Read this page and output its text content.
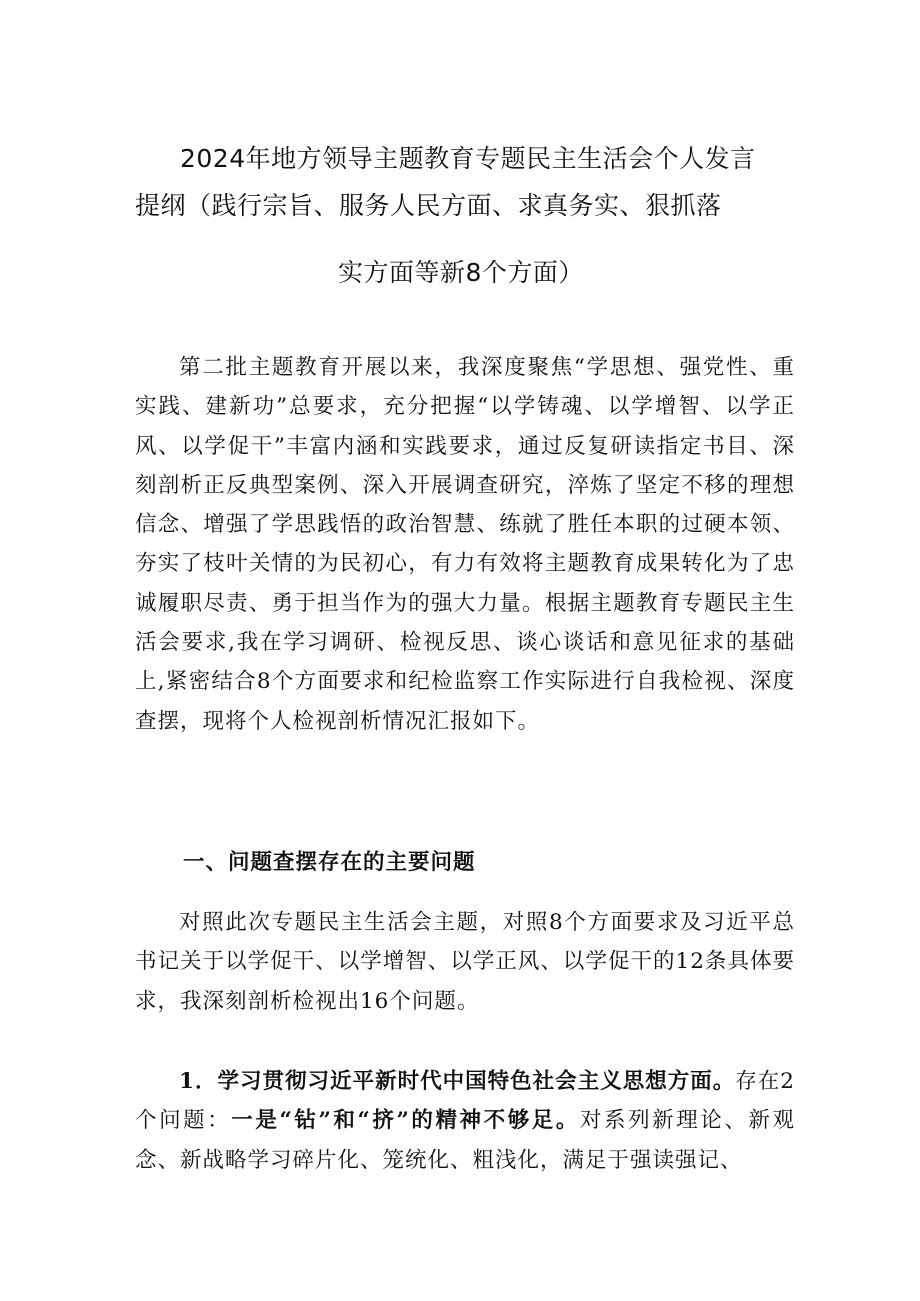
2024年地方领导主题教育专题民主生活会个人发言
提纲（践行宗旨、服务人民方面、求真务实、狠抓落
实方面等新8个方面）

第二批主题教育开展以来，我深度聚焦“学思想、强党性、重实践、建新功”总要求，充分把握“以学铸魂、以学增智、以学正风、以学促干”丰富内涵和实践要求，通过反复研读指定书目、深刻剖析正反典型案例、深入开展调查研究，淬炼了坚定不移的理想信念、增强了学思践悟的政治智慧、练就了胜任本职的过硬本领、夯实了枝叶关情的为民初心，有力有效将主题教育成果转化为了忠诚履职尽责、勇于担当作为的强大力量。根据主题教育专题民主生活会要求,我在学习调研、检视反思、谈心谈话和意见征求的基础上,紧密结合8个方面要求和纪检监察工作实际进行自我检视、深度查摆，现将个人检视剖析情况汇报如下。

一、问题查摆存在的主要问题

对照此次专题民主生活会主题，对照8个方面要求及习近平总书记关于以学促干、以学增智、以学正风、以学促干的12条具体要求，我深刻剖析检视出16个问题。

1．学习贯彻习近平新时代中国特色社会主义思想方面。存在2个问题：一是“钻”和“挤”的精神不够足。对系列新理论、新观念、新战略学习碎片化、笼统化、粗浅化，满足于强读强记、
